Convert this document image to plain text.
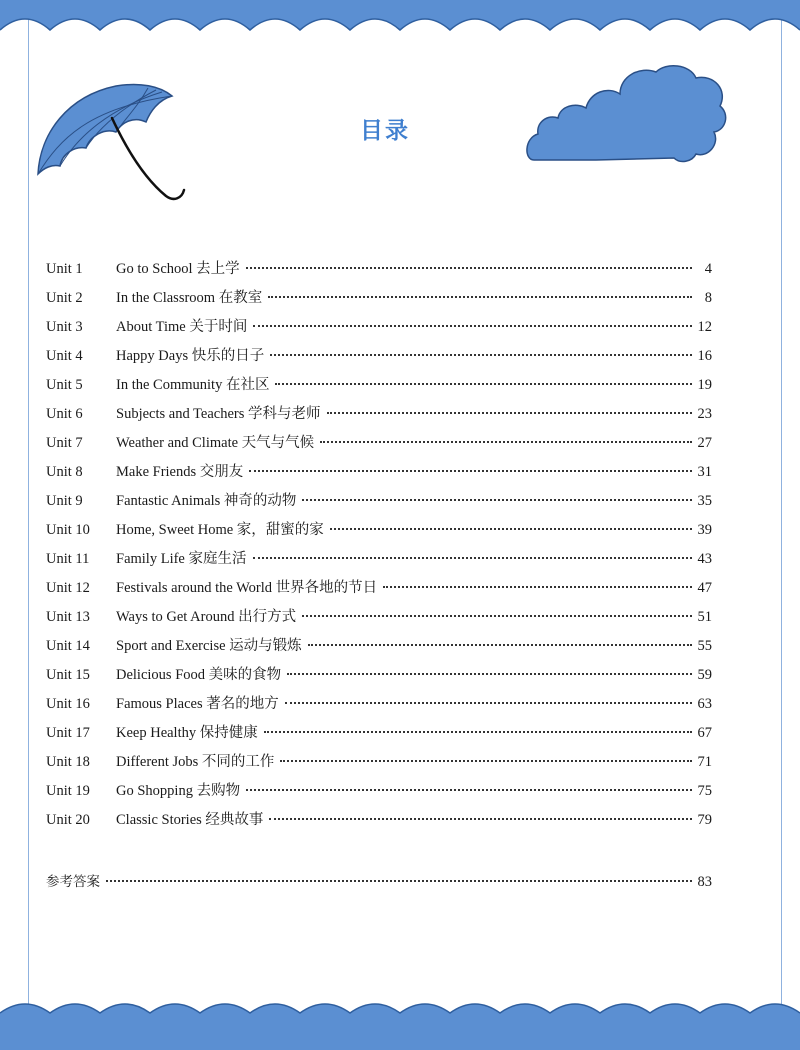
目录
Unit 1	Go to School 去上学	4
Unit 2	In the Classroom 在教室	8
Unit 3	About Time 关于时间	12
Unit 4	Happy Days 快乐的日子	16
Unit 5	In the Community 在社区	19
Unit 6	Subjects and Teachers 学科与老师	23
Unit 7	Weather and Climate 天气与气候	27
Unit 8	Make Friends 交朋友	31
Unit 9	Fantastic Animals 神奇的动物	35
Unit 10	Home, Sweet Home 家，甜蜜的家	39
Unit 11	Family Life 家庭生活	43
Unit 12	Festivals around the World 世界各地的节日	47
Unit 13	Ways to Get Around 出行方式	51
Unit 14	Sport and Exercise 运动与锻炼	55
Unit 15	Delicious Food 美味的食物	59
Unit 16	Famous Places 著名的地方	63
Unit 17	Keep Healthy 保持健康	67
Unit 18	Different Jobs 不同的工作	71
Unit 19	Go Shopping 去购物	75
Unit 20	Classic Stories 经典故事	79
参考答案	83
